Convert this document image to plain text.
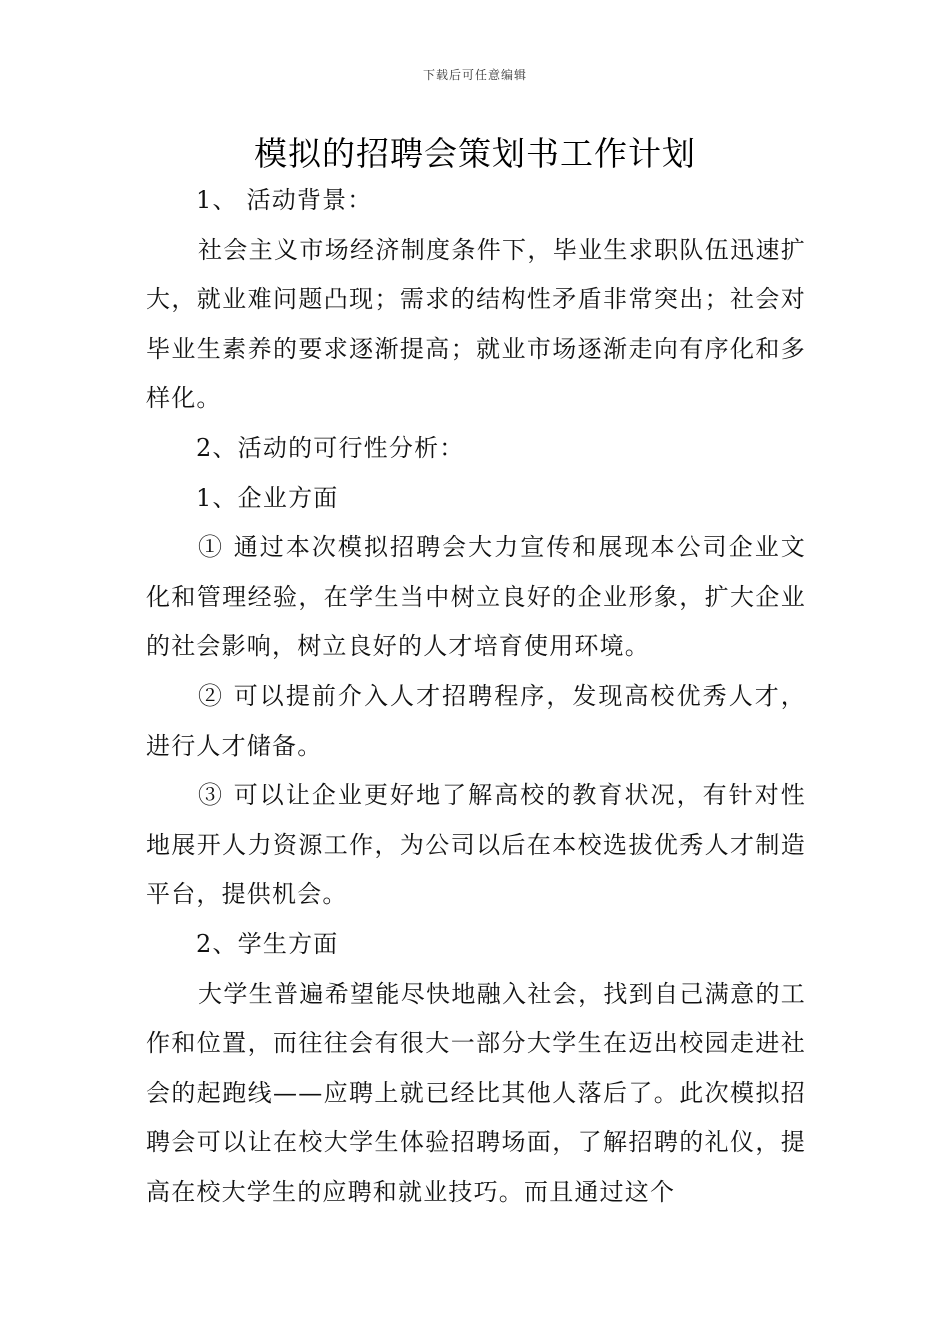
下载后可任意编辑
模拟的招聘会策划书工作计划

1、 活动背景：

社会主义市场经济制度条件下，毕业生求职队伍迅速扩大，就业难问题凸现；需求的结构性矛盾非常突出；社会对毕业生素养的要求逐渐提高；就业市场逐渐走向有序化和多样化。

2、活动的可行性分析：

1、企业方面

① 通过本次模拟招聘会大力宣传和展现本公司企业文化和管理经验，在学生当中树立良好的企业形象，扩大企业的社会影响，树立良好的人才培育使用环境。

② 可以提前介入人才招聘程序，发现高校优秀人才，进行人才储备。

③ 可以让企业更好地了解高校的教育状况，有针对性地展开人力资源工作，为公司以后在本校选拔优秀人才制造平台，提供机会。

2、学生方面

大学生普遍希望能尽快地融入社会，找到自己满意的工作和位置，而往往会有很大一部分大学生在迈出校园走进社会的起跑线——应聘上就已经比其他人落后了。此次模拟招聘会可以让在校大学生体验招聘场面，了解招聘的礼仪，提高在校大学生的应聘和就业技巧。而且通过这个
